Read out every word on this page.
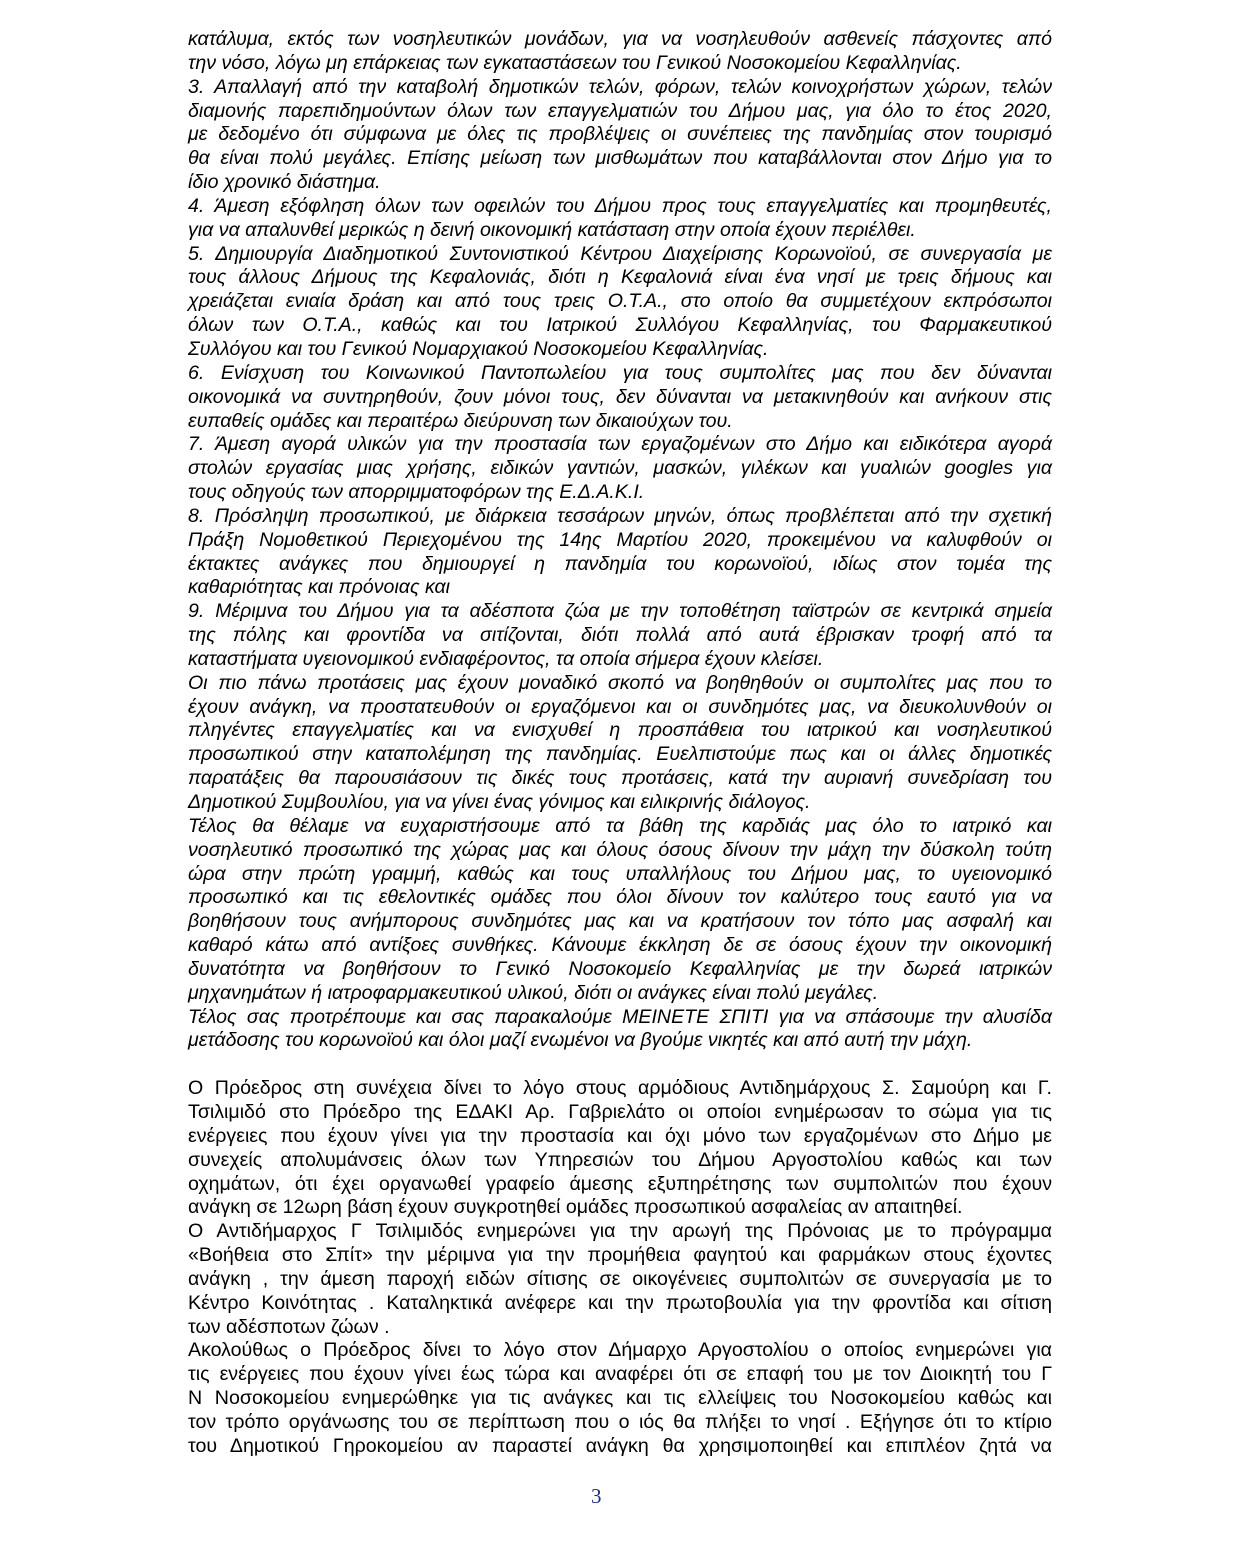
κατάλυμα, εκτός των νοσηλευτικών μονάδων, για να νοσηλευθούν ασθενείς πάσχοντες από
την νόσο, λόγω μη επάρκειας των εγκαταστάσεων του Γενικού Νοσοκομείου Κεφαλληνίας.
3. Απαλλαγή από την καταβολή δημοτικών τελών, φόρων, τελών κοινοχρήστων χώρων, τελών
διαμονής παρεπιδημούντων όλων των επαγγελματιών του Δήμου μας, για όλο το έτος 2020,
με δεδομένο ότι σύμφωνα με όλες τις προβλέψεις οι συνέπειες της πανδημίας στον τουρισμό
θα είναι πολύ μεγάλες. Επίσης μείωση των μισθωμάτων που καταβάλλονται στον Δήμο για το
ίδιο χρονικό διάστημα.
4. Άμεση εξόφληση όλων των οφειλών του Δήμου προς τους επαγγελματίες και προμηθευτές,
για να απαλυνθεί μερικώς η δεινή οικονομική κατάσταση στην οποία έχουν περιέλθει.
5. Δημιουργία Διαδημοτικού Συντονιστικού Κέντρου Διαχείρισης Κορωνοϊού, σε συνεργασία με
τους άλλους Δήμους της Κεφαλονιάς, διότι η Κεφαλονιά είναι ένα νησί με τρεις δήμους και
χρειάζεται ενιαία δράση και από τους τρεις Ο.Τ.Α., στο οποίο θα συμμετέχουν εκπρόσωποι
όλων των Ο.Τ.Α., καθώς και του Ιατρικού Συλλόγου Κεφαλληνίας, του Φαρμακευτικού
Συλλόγου και του Γενικού Νομαρχιακού Νοσοκομείου Κεφαλληνίας.
6. Ενίσχυση του Κοινωνικού Παντοπωλείου για τους συμπολίτες μας που δεν δύνανται
οικονομικά να συντηρηθούν, ζουν μόνοι τους, δεν δύνανται να μετακινηθούν και ανήκουν στις
ευπαθείς ομάδες και περαιτέρω διεύρυνση των δικαιούχων του.
7. Άμεση αγορά υλικών για την προστασία των εργαζομένων στο Δήμο και ειδικότερα αγορά
στολών εργασίας μιας χρήσης, ειδικών γαντιών, μασκών, γιλέκων και γυαλιών googles για
τους οδηγούς των απορριμματοφόρων της Ε.Δ.Α.Κ.Ι.
8. Πρόσληψη προσωπικού, με διάρκεια τεσσάρων μηνών, όπως προβλέπεται από την σχετική
Πράξη Νομοθετικού Περιεχομένου της 14ης Μαρτίου 2020, προκειμένου να καλυφθούν οι
έκτακτες ανάγκες που δημιουργεί η πανδημία του κορωνοϊού, ιδίως στον τομέα της
καθαριότητας και πρόνοιας και
9. Μέριμνα του Δήμου για τα αδέσποτα ζώα με την τοποθέτηση ταϊστρών σε κεντρικά σημεία
της πόλης και φροντίδα να σιτίζονται, διότι πολλά από αυτά έβρισκαν τροφή από τα
καταστήματα υγειονομικού ενδιαφέροντος, τα οποία σήμερα έχουν κλείσει.
Οι πιο πάνω προτάσεις μας έχουν μοναδικό σκοπό να βοηθηθούν οι συμπολίτες μας που το
έχουν ανάγκη, να προστατευθούν οι εργαζόμενοι και οι συνδημότες μας, να διευκολυνθούν οι
πληγέντες επαγγελματίες και να ενισχυθεί η προσπάθεια του ιατρικού και νοσηλευτικού
προσωπικού στην καταπολέμηση της πανδημίας. Ευελπιστούμε πως και οι άλλες δημοτικές
παρατάξεις θα παρουσιάσουν τις δικές τους προτάσεις, κατά την αυριανή συνεδρίαση του
Δημοτικού Συμβουλίου, για να γίνει ένας γόνιμος και ειλικρινής διάλογος.
Τέλος θα θέλαμε να ευχαριστήσουμε από τα βάθη της καρδιάς μας όλο το ιατρικό και
νοσηλευτικό προσωπικό της χώρας μας και όλους όσους δίνουν την μάχη την δύσκολη τούτη
ώρα στην πρώτη γραμμή, καθώς και τους υπαλλήλους του Δήμου μας, το υγειονομικό
προσωπικό και τις εθελοντικές ομάδες που όλοι δίνουν τον καλύτερο τους εαυτό για να
βοηθήσουν τους ανήμπορους συνδημότες μας και να κρατήσουν τον τόπο μας ασφαλή και
καθαρό κάτω από αντίξοες συνθήκες. Κάνουμε έκκληση δε σε όσους έχουν την οικονομική
δυνατότητα να βοηθήσουν το Γενικό Νοσοκομείο Κεφαλληνίας με την δωρεά ιατρικών
μηχανημάτων ή ιατροφαρμακευτικού υλικού, διότι οι ανάγκες είναι πολύ μεγάλες.
Τέλος σας προτρέπουμε και σας παρακαλούμε ΜΕΙΝΕΤΕ ΣΠΙΤΙ για να σπάσουμε την αλυσίδα
μετάδοσης του κορωνοϊού και όλοι μαζί ενωμένοι να βγούμε νικητές και από αυτή την μάχη.
Ο Πρόεδρος στη συνέχεια δίνει το λόγο στους αρμόδιους Αντιδημάρχους Σ. Σαμούρη και Γ.
Τσιλιμιδό στο Πρόεδρο της ΕΔΑΚΙ Αρ. Γαβριελάτο οι οποίοι ενημέρωσαν το σώμα για τις
ενέργειες που έχουν γίνει για την προστασία και όχι μόνο των εργαζομένων στο Δήμο με
συνεχείς απολυμάνσεις όλων των Υπηρεσιών του Δήμου Αργοστολίου καθώς και των
οχημάτων, ότι έχει οργανωθεί γραφείο άμεσης εξυπηρέτησης των συμπολιτών που έχουν
ανάγκη σε 12ωρη βάση έχουν συγκροτηθεί ομάδες προσωπικού ασφαλείας αν απαιτηθεί.
Ο Αντιδήμαρχος Γ Τσιλιμιδός ενημερώνει για την αρωγή της Πρόνοιας με το πρόγραμμα
«Βοήθεια στο Σπίτ» την μέριμνα για την προμήθεια φαγητού και φαρμάκων στους έχοντες
ανάγκη , την άμεση παροχή ειδών σίτισης σε οικογένειες συμπολιτών σε συνεργασία με το
Κέντρο Κοινότητας . Καταληκτικά ανέφερε και την πρωτοβουλία για την φροντίδα και σίτιση
των αδέσποτων ζώων .
Ακολούθως ο Πρόεδρος δίνει το λόγο στον Δήμαρχο Αργοστολίου ο οποίος ενημερώνει για
τις ενέργειες που έχουν γίνει έως τώρα και αναφέρει ότι σε επαφή του με τον Διοικητή του Γ
Ν Νοσοκομείου ενημερώθηκε για τις ανάγκες και τις ελλείψεις του Νοσοκομείου καθώς και
τον τρόπο οργάνωσης του σε περίπτωση που ο ιός θα πλήξει το νησί . Εξήγησε ότι το κτίριο
του Δημοτικού Γηροκομείου αν παραστεί ανάγκη θα χρησιμοποιηθεί και επιπλέον ζητά να
3
